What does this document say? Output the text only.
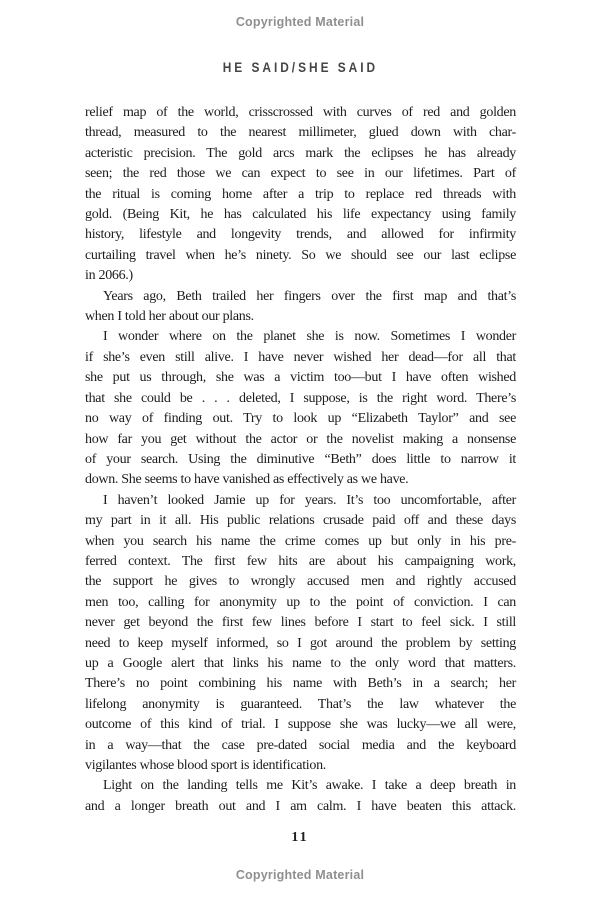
Copyrighted Material
HE SAID/SHE SAID
relief map of the world, crisscrossed with curves of red and golden
thread, measured to the nearest millimeter, glued down with char-
acteristic precision. The gold arcs mark the eclipses he has already
seen; the red those we can expect to see in our lifetimes. Part of
the ritual is coming home after a trip to replace red threads with
gold. (Being Kit, he has calculated his life expectancy using family
history, lifestyle and longevity trends, and allowed for infirmity
curtailing travel when he’s ninety. So we should see our last eclipse
in 2066.)
Years ago, Beth trailed her fingers over the first map and that’s
when I told her about our plans.
I wonder where on the planet she is now. Sometimes I wonder
if she’s even still alive. I have never wished her dead—for all that
she put us through, she was a victim too—but I have often wished
that she could be . . . deleted, I suppose, is the right word. There’s
no way of finding out. Try to look up “Elizabeth Taylor” and see
how far you get without the actor or the novelist making a nonsense
of your search. Using the diminutive “Beth” does little to narrow it
down. She seems to have vanished as effectively as we have.
I haven’t looked Jamie up for years. It’s too uncomfortable, after
my part in it all. His public relations crusade paid off and these days
when you search his name the crime comes up but only in his pre-
ferred context. The first few hits are about his campaigning work,
the support he gives to wrongly accused men and rightly accused
men too, calling for anonymity up to the point of conviction. I can
never get beyond the first few lines before I start to feel sick. I still
need to keep myself informed, so I got around the problem by setting
up a Google alert that links his name to the only word that matters.
There’s no point combining his name with Beth’s in a search; her
lifelong anonymity is guaranteed. That’s the law whatever the
outcome of this kind of trial. I suppose she was lucky—we all were,
in a way—that the case pre-dated social media and the keyboard
vigilantes whose blood sport is identification.
Light on the landing tells me Kit’s awake. I take a deep breath in
and a longer breath out and I am calm. I have beaten this attack.
11
Copyrighted Material
